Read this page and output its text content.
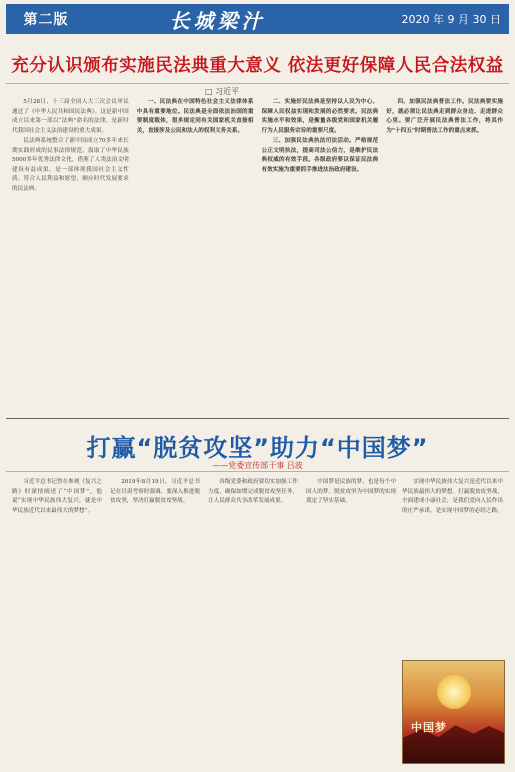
第二版	长城梁汁	2020 年 9 月 30 日
充分认识颁布实施民法典重大意义 依法更好保障人民合法权益
□ 习近平

5月28日，十三届全国人大三次会议审议通过了《中华人民共和国民法典》。这是新中国成立以来第一部以“法典”命名的法律，是新时代我国社会主义法治建设的重大成果。

民法典系统整合了新中国成立70多年来长期实践形成的民事法律规范，汲取了中华民族5000多年优秀法律文化，借鉴了人类法治文明建设有益成果，是一部体现我国社会主义性质、符合人民利益和愿望、顺应时代发展要求的民法典。

一、民法典在中国特色社会主义法律体系中具有重要地位。民法典是全面依法治国的重要制度载体，很多规定同有关国家机关直接相关，直接涉及公民和法人的权利义务关系。

二、实施好民法典是坚持以人民为中心、保障人民权益实现和发展的必然要求。民法典实施水平和效果，是衡量各级党和国家机关履行为人民服务宗旨的重要尺度。

三、加强民法典执法司法活动。严格规范公正文明执法，提高司法公信力，是维护民法典权威的有效手段。各级政府要以保证民法典有效实施为重要抓手推进法治政府建设。

四、加强民法典普法工作。民法典要实施好，就必须让民法典走到群众身边、走进群众心里。要广泛开展民法典普法工作，将其作为“十四五”时期普法工作的重点来抓。

打赢“脱贫攻坚”助力“中国梦”
——党委宣传部干事 吕波

习近平总书记曾在参观《复兴之路》时深情阐述了“中国梦”，他说“实现中华民族伟大复兴，就是中华民族近代以来最伟大的梦想”。

2019年8月19日，习近平总书记在甘肃考察时强调，要深入推进脱贫攻坚，坚决打赢脱贫攻坚战。

各级党委和政府要切实加强工作力度，确保如期完成脱贫攻坚任务，让人民群众共享改革发展成果。

中国梦是民族的梦，也是每个中国人的梦。脱贫攻坚为中国梦的实现奠定了坚实基础。

实现中华民族伟大复兴是近代以来中华民族最伟大的梦想。打赢脱贫攻坚战，全面建成小康社会，是我们党向人民作出的庄严承诺，是实现中国梦的必经之路。

中国梦
